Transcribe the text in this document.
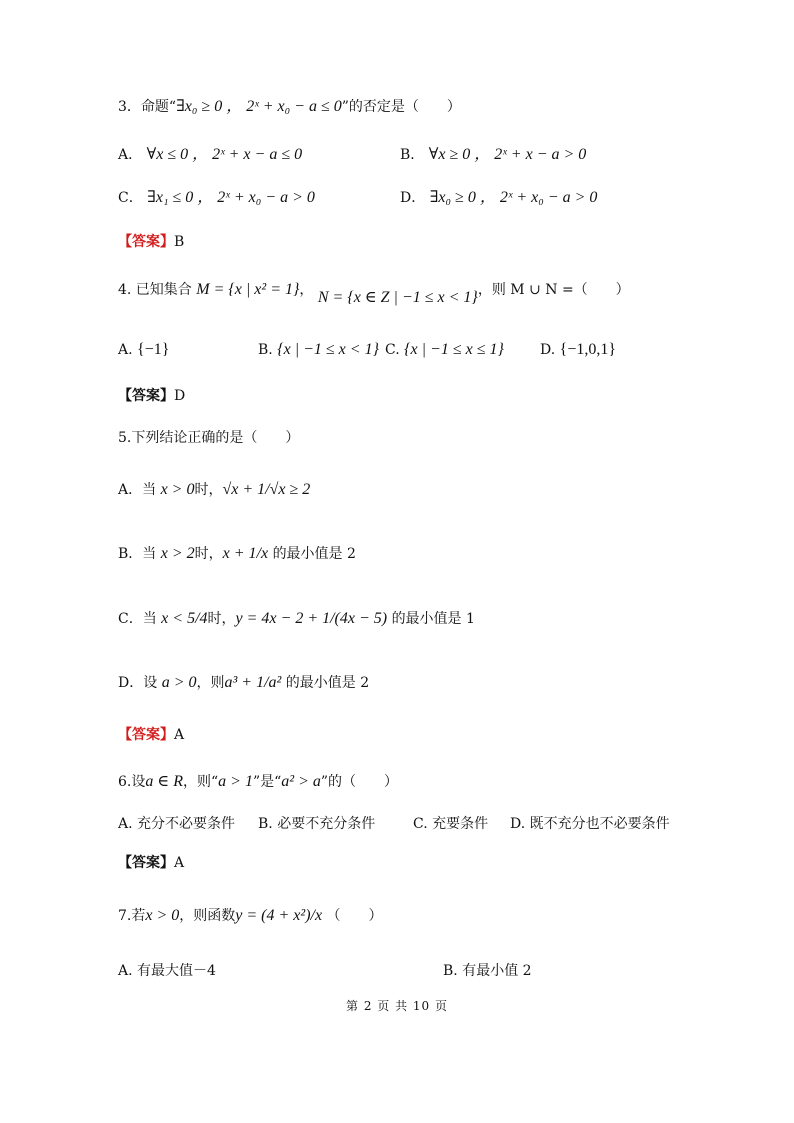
3．命题“∃x₀ ≥ 0 ， 2ˣ + x₀ − a ≤ 0”的否定是（　　）
A． ∀x ≤ 0 ， 2ˣ + x − a ≤ 0	B． ∀x ≥ 0 ， 2ˣ + x − a > 0
C． ∃x₁ ≤ 0 ， 2ˣ + x₀ − a > 0	D． ∃x₀ ≥ 0 ， 2ˣ + x₀ − a > 0
【答案】B
4. 已知集合 M = {x | x² = 1}， N = {x ∈ Z | −1 ≤ x < 1}，则 M ∪ N =（　　）
A. {−1}	B. {x | −1 ≤ x < 1} C. {x | −1 ≤ x ≤ 1}	D. {−1,0,1}
【答案】D
5.下列结论正确的是（　　）
A．当 x > 0时，√x + 1/√x ≥ 2
B．当 x > 2时，x + 1/x 的最小值是 2
C．当 x < 5/4时，y = 4x − 2 + 1/(4x − 5) 的最小值是 1
D．设 a > 0，则a³ + 1/a² 的最小值是 2
【答案】A
6.设a ∈ R，则“a > 1”是“a² > a”的（　　）
A. 充分不必要条件 B. 必要不充分条件	C. 充要条件 D. 既不充分也不必要条件
【答案】A
7.若x > 0，则函数y = (4 + x²)/x （　　）
A. 有最大值－4	B. 有最小值 2
第 2 页 共 10 页
